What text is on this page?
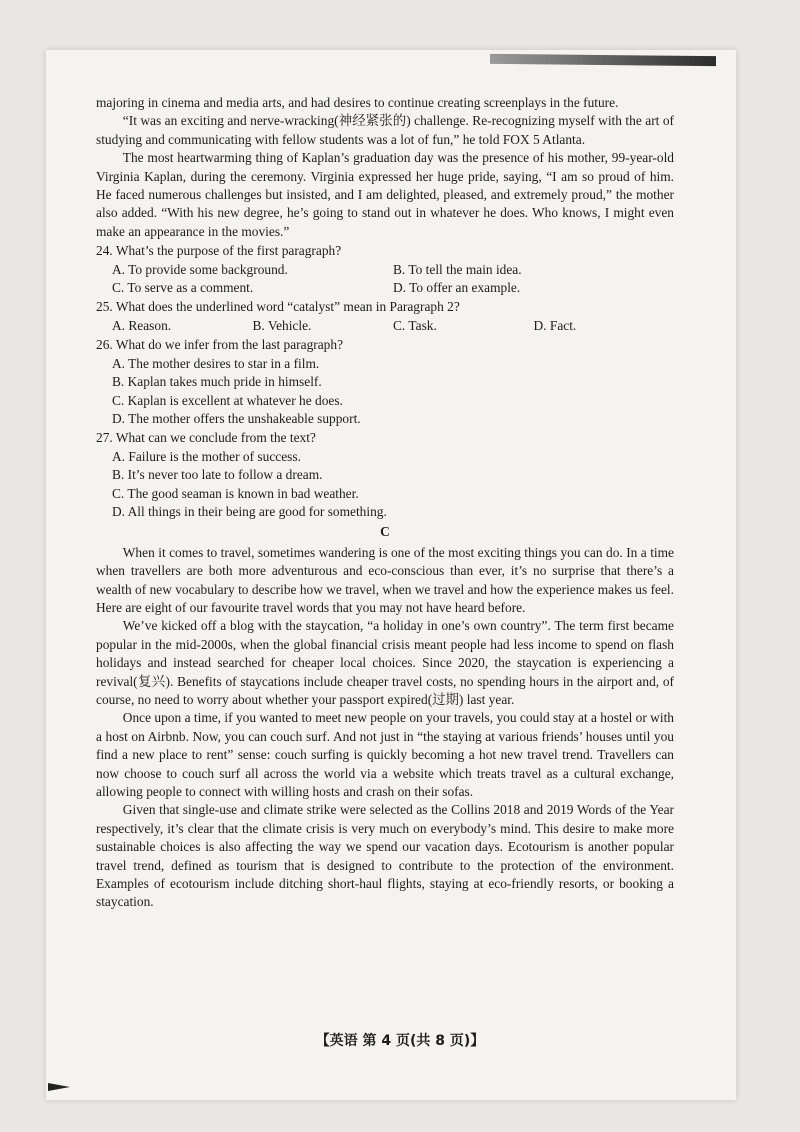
majoring in cinema and media arts, and had desires to continue creating screenplays in the future.

“It was an exciting and nerve-wracking(神经紧张的) challenge. Re-recognizing myself with the art of studying and communicating with fellow students was a lot of fun,” he told FOX 5 Atlanta.

The most heartwarming thing of Kaplan’s graduation day was the presence of his mother, 99-year-old Virginia Kaplan, during the ceremony. Virginia expressed her huge pride, saying, “I am so proud of him. He faced numerous challenges but insisted, and I am delighted, pleased, and extremely proud,” the mother also added. “With his new degree, he’s going to stand out in whatever he does. Who knows, I might even make an appearance in the movies.”

24. What’s the purpose of the first paragraph?

A. To provide some background.	B. To tell the main idea.
C. To serve as a comment.	D. To offer an example.

25. What does the underlined word “catalyst” mean in Paragraph 2?

A. Reason.	B. Vehicle.	C. Task.	D. Fact.

26. What do we infer from the last paragraph?

A. The mother desires to star in a film.

B. Kaplan takes much pride in himself.

C. Kaplan is excellent at whatever he does.

D. The mother offers the unshakeable support.

27. What can we conclude from the text?

A. Failure is the mother of success.

B. It’s never too late to follow a dream.

C. The good seaman is known in bad weather.

D. All things in their being are good for something.

C

When it comes to travel, sometimes wandering is one of the most exciting things you can do. In a time when travellers are both more adventurous and eco-conscious than ever, it’s no surprise that there’s a wealth of new vocabulary to describe how we travel, when we travel and how the experience makes us feel. Here are eight of our favourite travel words that you may not have heard before.

We’ve kicked off a blog with the staycation, “a holiday in one’s own country”. The term first became popular in the mid-2000s, when the global financial crisis meant people had less income to spend on flash holidays and instead searched for cheaper local choices. Since 2020, the staycation is experiencing a revival(复兴). Benefits of staycations include cheaper travel costs, no spending hours in the airport and, of course, no need to worry about whether your passport expired(过期) last year.

Once upon a time, if you wanted to meet new people on your travels, you could stay at a hostel or with a host on Airbnb. Now, you can couch surf. And not just in “the staying at various friends’ houses until you find a new place to rent” sense: couch surfing is quickly becoming a hot new travel trend. Travellers can now choose to couch surf all across the world via a website which treats travel as a cultural exchange, allowing people to connect with willing hosts and crash on their sofas.

Given that single-use and climate strike were selected as the Collins 2018 and 2019 Words of the Year respectively, it’s clear that the climate crisis is very much on everybody’s mind. This desire to make more sustainable choices is also affecting the way we spend our vacation days. Ecotourism is another popular travel trend, defined as tourism that is designed to contribute to the protection of the environment. Examples of ecotourism include ditching short-haul flights, staying at eco-friendly resorts, or booking a staycation.

【英语 第 4 页(共 8 页)】
